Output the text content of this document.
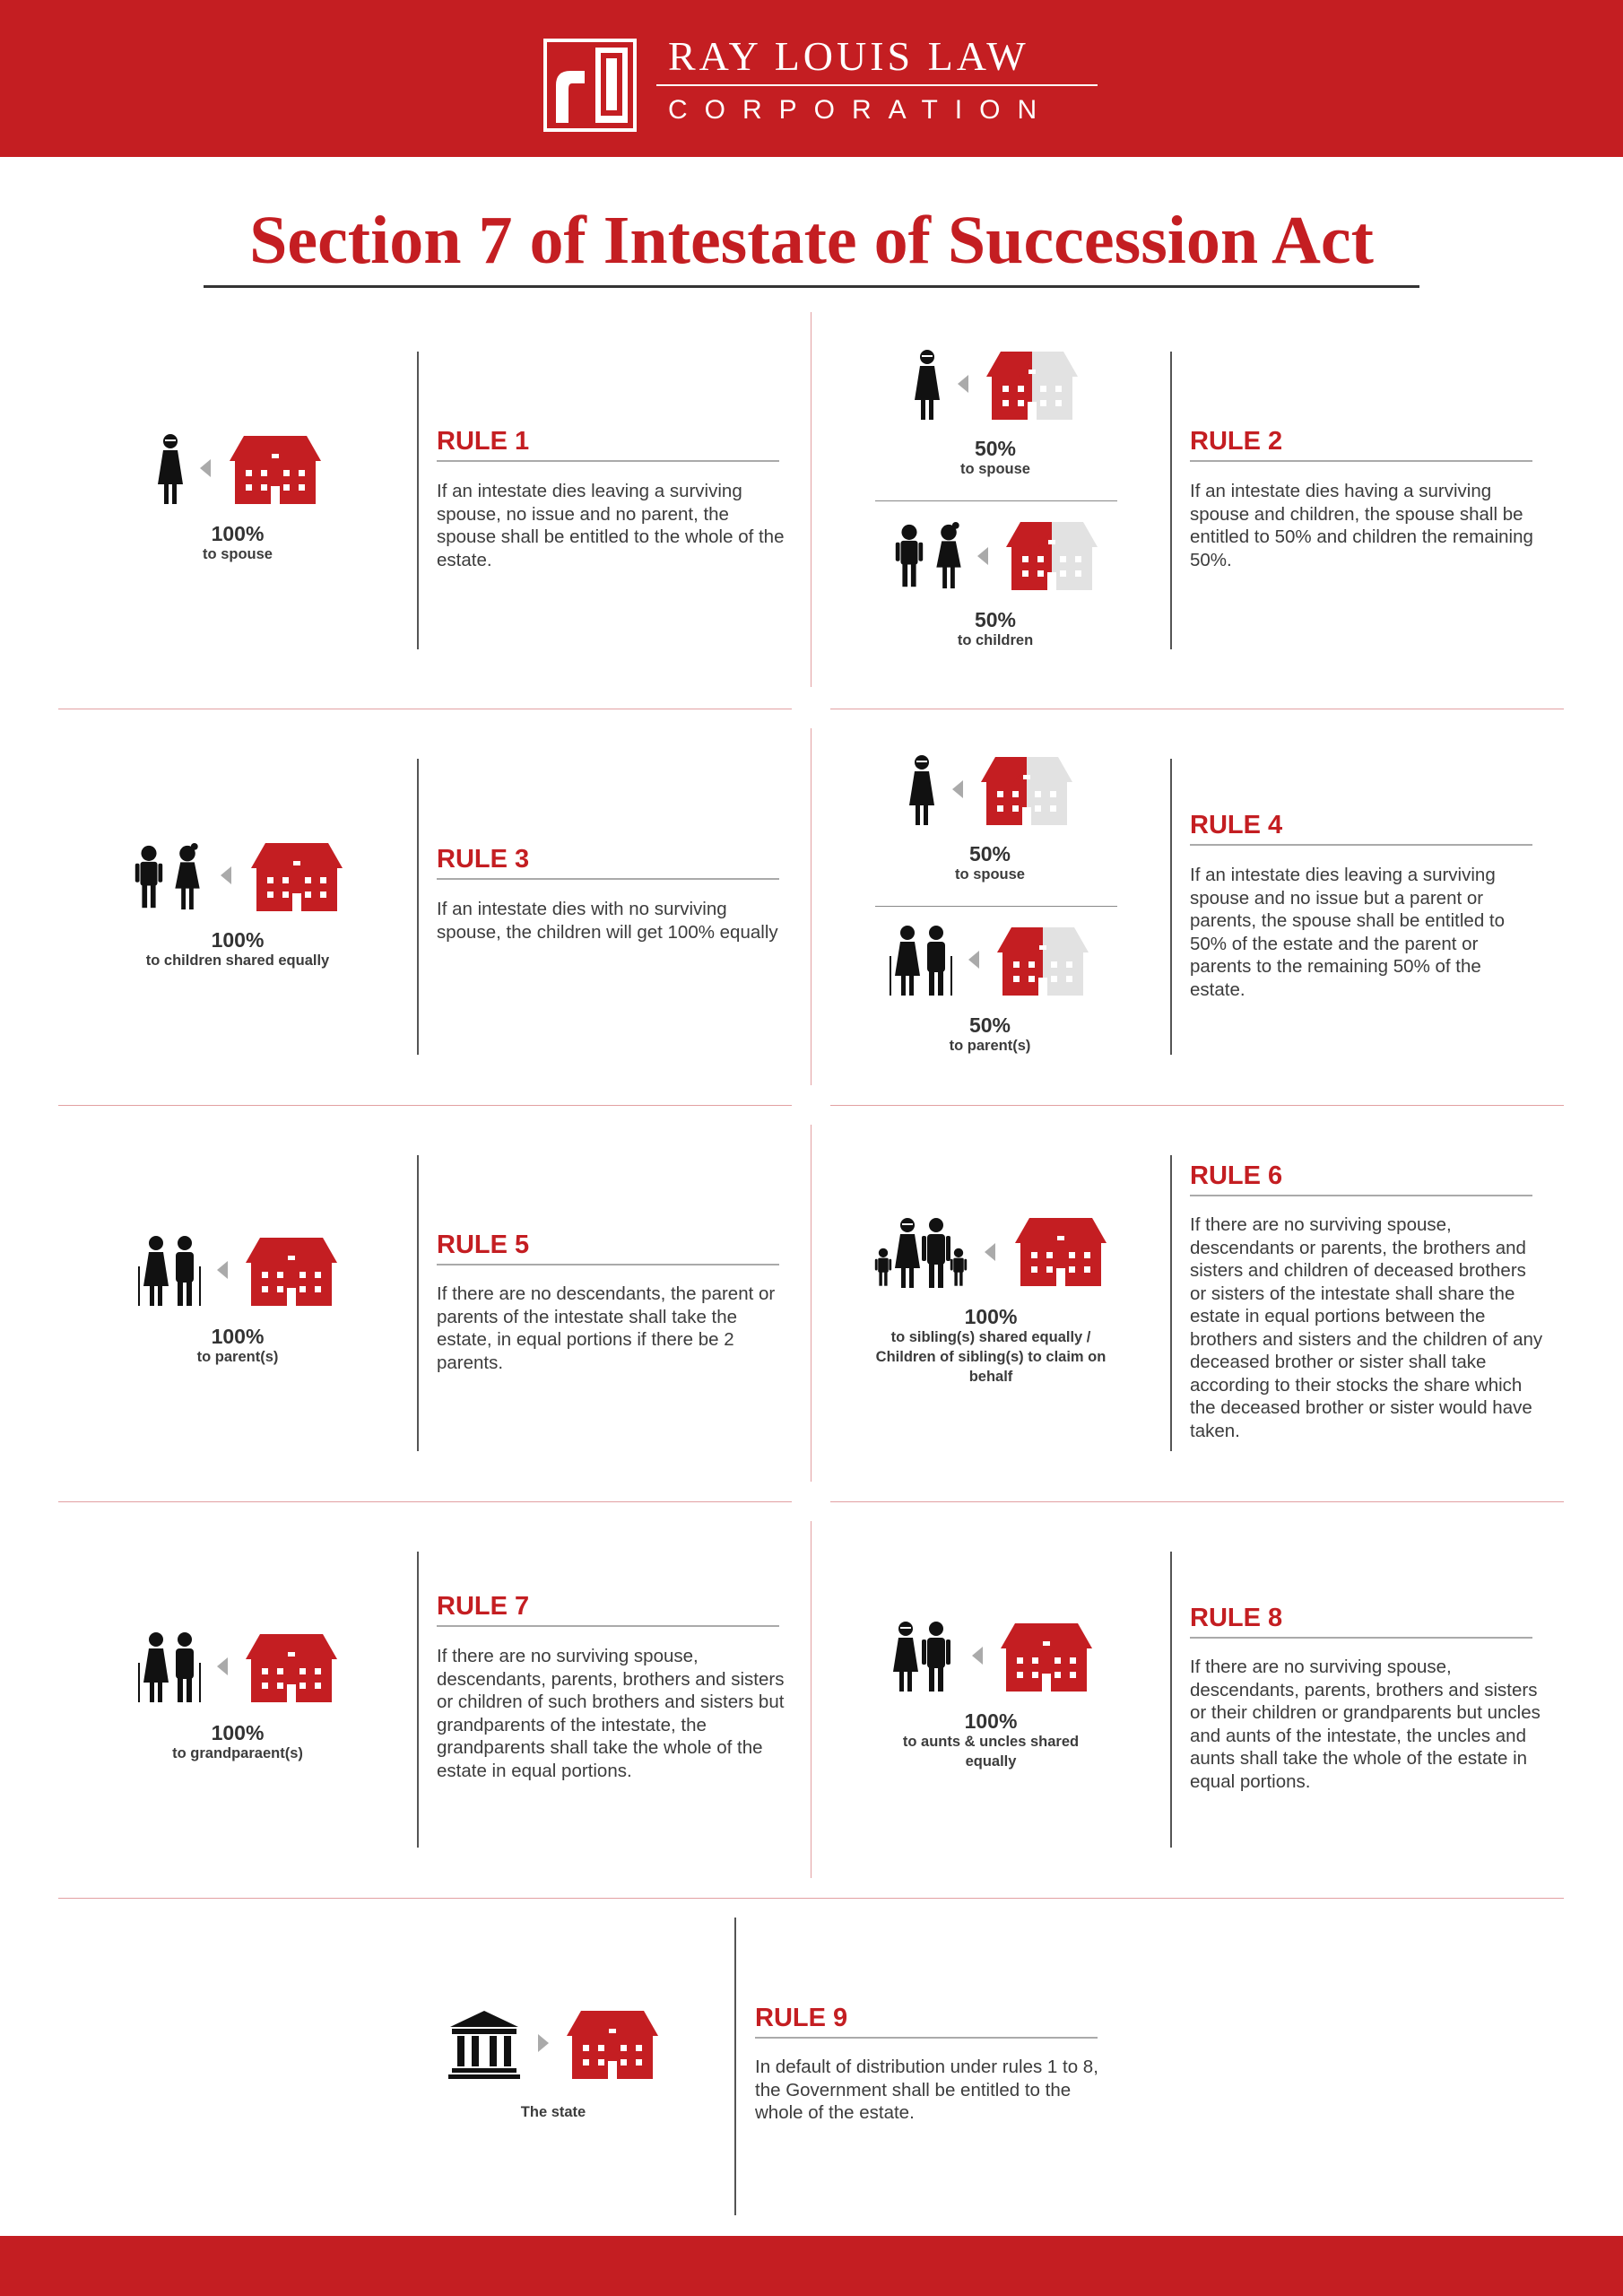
RAY LOUIS LAW
CORPORATION
Section 7 of Intestate of Succession Act
RULE 1
If an intestate dies leaving a surviving spouse, no issue and no parent, the spouse shall be entitled to the whole of the estate.
100%
to spouse
RULE 2
If an intestate dies having a surviving spouse and children, the spouse shall be entitled to 50% and children the remaining 50%.
50%
to spouse
50%
to children
RULE 3
If an intestate dies with no surviving spouse, the children will get 100% equally
100%
to children shared equally
RULE 4
If an intestate dies leaving a surviving spouse and no issue but a parent or parents, the spouse shall be entitled to 50% of the estate and the parent or parents to the remaining 50% of the estate.
50%
to spouse
50%
to parent(s)
RULE 5
If there are no descendants, the parent or parents of the intestate shall take the estate, in equal portions if there be 2 parents.
100%
to parent(s)
RULE 6
If there are no surviving spouse, descendants or parents, the brothers and sisters and children of deceased brothers or sisters of the intestate shall share the estate in equal portions between the brothers and sisters and the children of any deceased brother or sister shall take according to their stocks the share which the deceased brother or sister would have taken.
100%
to sibling(s) shared equally / Children of sibling(s) to claim on behalf
RULE 7
If there are no surviving spouse, descendants, parents, brothers and sisters or children of such brothers and sisters but grandparents of the intestate, the grandparents shall take the whole of the estate in equal portions.
100%
to grandparaent(s)
RULE 8
If there are no surviving spouse, descendants, parents, brothers and sisters or their children or grandparents but uncles and aunts of the intestate, the uncles and aunts shall take the whole of the estate in equal portions.
100%
to aunts & uncles shared equally
RULE 9
In default of distribution under rules 1 to 8, the Government shall be entitled to the whole of the estate.
The state
